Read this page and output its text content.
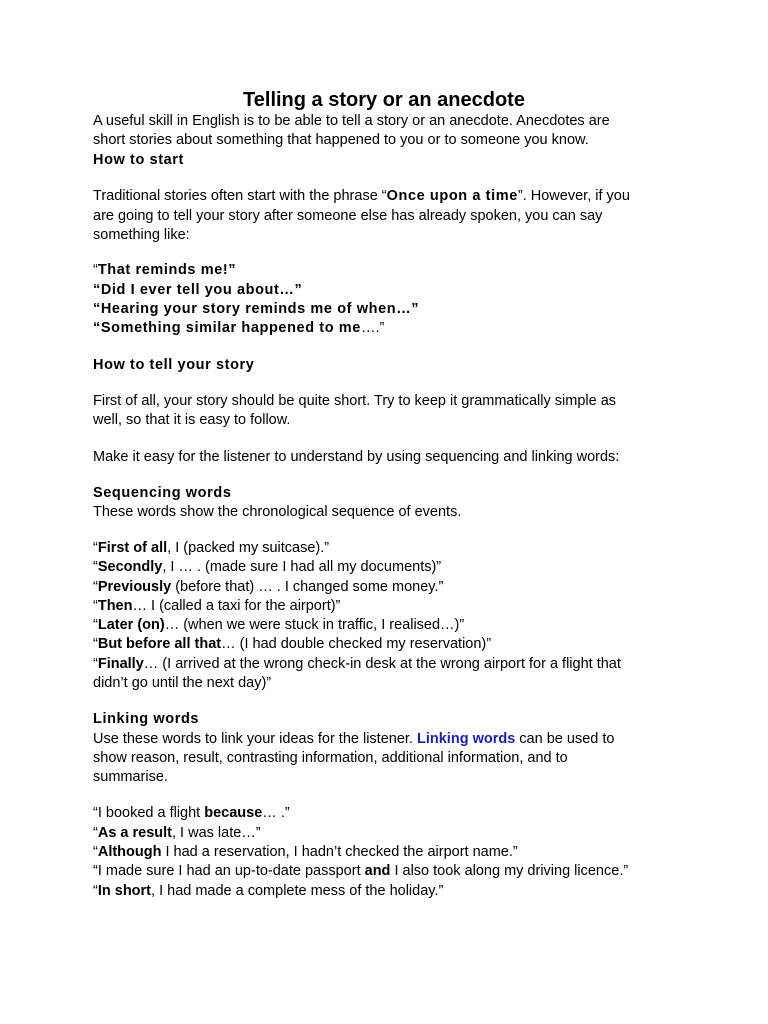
Telling a story or an anecdote
A useful skill in English is to be able to tell a story or an anecdote. Anecdotes are
short stories about something that happened to you or to someone you know.
How to start
Traditional stories often start with the phrase “Once upon a time”. However, if you
are going to tell your story after someone else has already spoken, you can say
something like:
“That reminds me!”
“Did I ever tell you about…”
“Hearing your story reminds me of when…”
“Something similar happened to me….”
How to tell your story
First of all, your story should be quite short. Try to keep it grammatically simple as
well, so that it is easy to follow.
Make it easy for the listener to understand by using sequencing and linking words:
Sequencing words
These words show the chronological sequence of events.
“First of all, I (packed my suitcase).”
“Secondly, I … . (made sure I had all my documents)”
“Previously (before that) … . I changed some money.”
“Then… I (called a taxi for the airport)”
“Later (on)… (when we were stuck in traffic, I realised…)”
“But before all that… (I had double checked my reservation)”
“Finally… (I arrived at the wrong check-in desk at the wrong airport for a flight that
didn’t go until the next day)”
Linking words
Use these words to link your ideas for the listener. Linking words can be used to
show reason, result, contrasting information, additional information, and to
summarise.
“I booked a flight because… .”
“As a result, I was late…”
“Although I had a reservation, I hadn’t checked the airport name.”
“I made sure I had an up-to-date passport and I also took along my driving licence.”
“In short, I had made a complete mess of the holiday.”
